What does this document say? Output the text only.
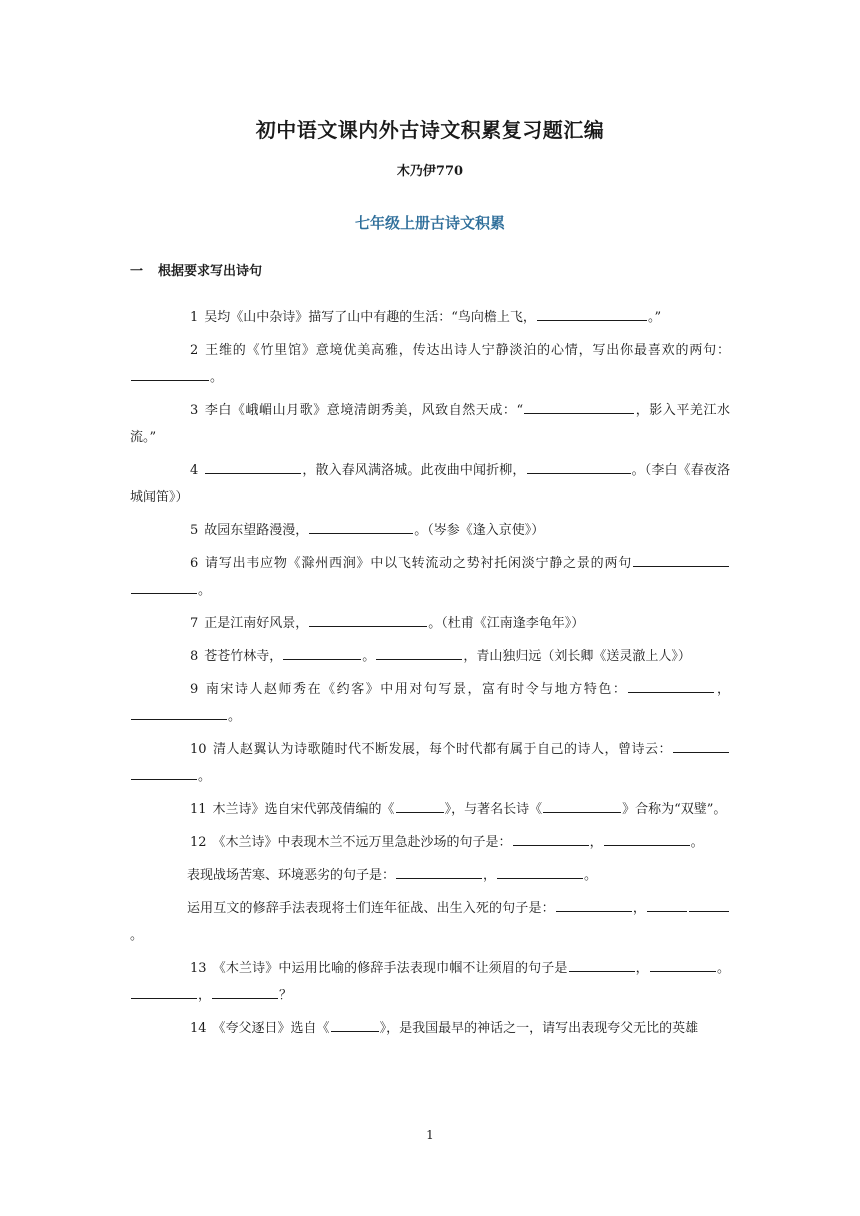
初中语文课内外古诗文积累复习题汇编
木乃伊770
七年级上册古诗文积累
一 根据要求写出诗句

1 吴均《山中杂诗》描写了山中有趣的生活：“鸟向檐上飞，	。”

2 王维的《竹里馆》意境优美高雅，传达出诗人宁静淡泊的心情，写出你最喜欢的两句：。

3 李白《峨嵋山月歌》意境清朗秀美，风致自然天成：“	，影入平羌江水流。”

4	，散入春风满洛城。此夜曲中闻折柳，	。（李白《春夜洛城闻笛》）

5 故园东望路漫漫，	。（岑参《逢入京使》）

6 请写出韦应物《滁州西涧》中以飞转流动之势衬托闲淡宁静之景的两句。

7 正是江南好风景，	。（杜甫《江南逢李龟年》）

8 苍苍竹林寺，	。	，青山独归远（刘长卿《送灵澈上人》）

9 南宋诗人赵师秀在《约客》中用对句写景，富有时令与地方特色：	，。

10 清人赵翼认为诗歌随时代不断发展，每个时代都有属于自己的诗人，曾诗云：。

11 木兰诗》选自宋代郭茂倩编的《	》，与著名长诗《	》合称为“双璧”。

12 《木兰诗》中表现木兰不远万里急赴沙场的句子是：	，	。

表现战场苦寒、环境恶劣的句子是：	，	。

运用互文的修辞手法表现将士们连年征战、出生入死的句子是：	，。

13 《木兰诗》中运用比喻的修辞手法表现巾帼不让须眉的句子是	，	。，	？

14 《夸父逐日》选自《	》，是我国最早的神话之一，请写出表现夸父无比的英雄

1
